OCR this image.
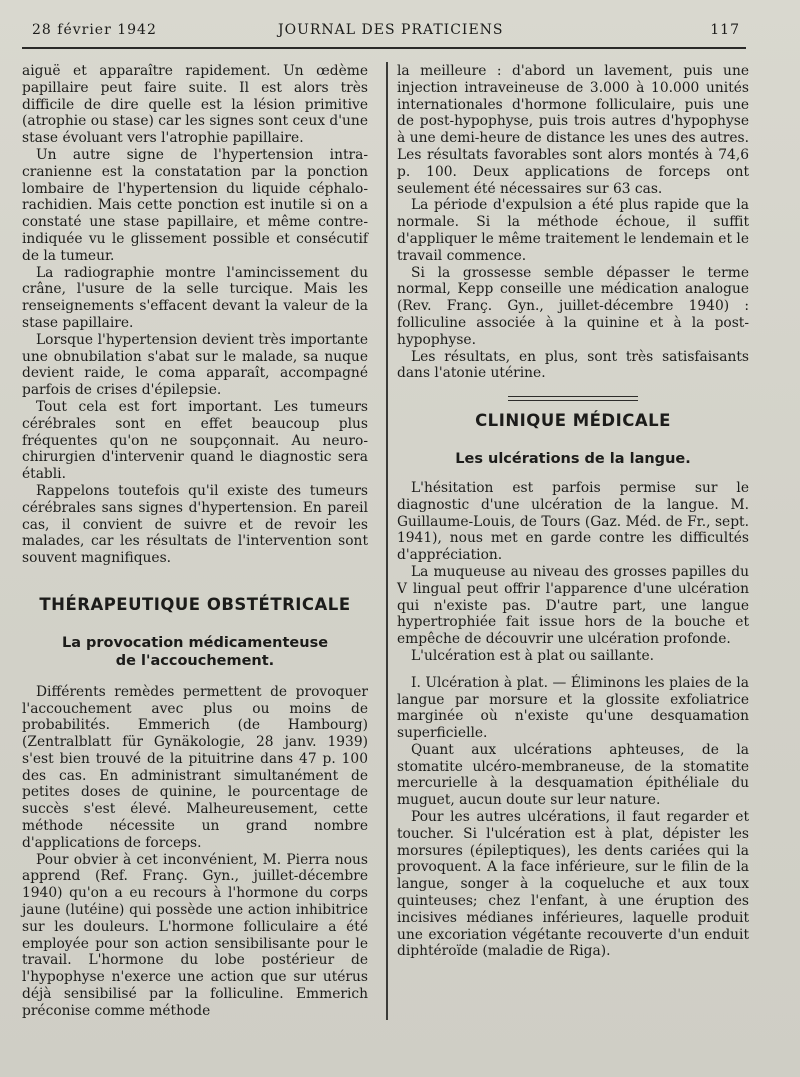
28 février 1942	JOURNAL DES PRATICIENS	117

aiguë et apparaître rapidement. Un œdème papillaire peut faire suite. Il est alors très difficile de dire quelle est la lésion primitive (atrophie ou stase) car les signes sont ceux d'une stase évoluant vers l'atrophie papillaire.

Un autre signe de l'hypertension intra-cranienne est la constatation par la ponction lombaire de l'hypertension du liquide céphalo-rachidien. Mais cette ponction est inutile si on a constaté une stase papillaire, et même contre-indiquée vu le glissement possible et consécutif de la tumeur.

La radiographie montre l'amincissement du crâne, l'usure de la selle turcique. Mais les renseignements s'effacent devant la valeur de la stase papillaire.

Lorsque l'hypertension devient très importante une obnubilation s'abat sur le malade, sa nuque devient raide, le coma apparaît, accompagné parfois de crises d'épilepsie.

Tout cela est fort important. Les tumeurs cérébrales sont en effet beaucoup plus fréquentes qu'on ne soupçonnait. Au neuro-chirurgien d'intervenir quand le diagnostic sera établi.

Rappelons toutefois qu'il existe des tumeurs cérébrales sans signes d'hypertension. En pareil cas, il convient de suivre et de revoir les malades, car les résultats de l'intervention sont souvent magnifiques.

THÉRAPEUTIQUE OBSTÉTRICALE
La provocation médicamenteuse
de l'accouchement.

Différents remèdes permettent de provoquer l'accouchement avec plus ou moins de probabilités. Emmerich (de Hambourg) (Zentralblatt für Gynäkologie, 28 janv. 1939) s'est bien trouvé de la pituitrine dans 47 p. 100 des cas. En administrant simultanément de petites doses de quinine, le pourcentage de succès s'est élevé. Malheureusement, cette méthode nécessite un grand nombre d'applications de forceps.

Pour obvier à cet inconvénient, M. Pierra nous apprend (Ref. Franç. Gyn., juillet-décembre 1940) qu'on a eu recours à l'hormone du corps jaune (lutéine) qui possède une action inhibitrice sur les douleurs. L'hormone folliculaire a été employée pour son action sensibilisante pour le travail. L'hormone du lobe postérieur de l'hypophyse n'exerce une action que sur utérus déjà sensibilisé par la folliculine. Emmerich préconise comme méthode

la meilleure : d'abord un lavement, puis une injection intraveineuse de 3.000 à 10.000 unités internationales d'hormone folliculaire, puis une de post-hypophyse, puis trois autres d'hypophyse à une demi-heure de distance les unes des autres. Les résultats favorables sont alors montés à 74,6 p. 100. Deux applications de forceps ont seulement été nécessaires sur 63 cas.

La période d'expulsion a été plus rapide que la normale. Si la méthode échoue, il suffit d'appliquer le même traitement le lendemain et le travail commence.

Si la grossesse semble dépasser le terme normal, Kepp conseille une médication analogue (Rev. Franç. Gyn., juillet-décembre 1940) : folliculine associée à la quinine et à la post-hypophyse.

Les résultats, en plus, sont très satisfaisants dans l'atonie utérine.

CLINIQUE MÉDICALE
Les ulcérations de la langue.

L'hésitation est parfois permise sur le diagnostic d'une ulcération de la langue. M. Guillaume-Louis, de Tours (Gaz. Méd. de Fr., sept. 1941), nous met en garde contre les difficultés d'appréciation.

La muqueuse au niveau des grosses papilles du V lingual peut offrir l'apparence d'une ulcération qui n'existe pas. D'autre part, une langue hypertrophiée fait issue hors de la bouche et empêche de découvrir une ulcération profonde.

L'ulcération est à plat ou saillante.

I. Ulcération à plat. — Éliminons les plaies de la langue par morsure et la glossite exfoliatrice marginée où n'existe qu'une desquamation superficielle.

Quant aux ulcérations aphteuses, de la stomatite ulcéro-membraneuse, de la stomatite mercurielle à la desquamation épithéliale du muguet, aucun doute sur leur nature.

Pour les autres ulcérations, il faut regarder et toucher. Si l'ulcération est à plat, dépister les morsures (épileptiques), les dents cariées qui la provoquent. A la face inférieure, sur le filin de la langue, songer à la coqueluche et aux toux quinteuses; chez l'enfant, à une éruption des incisives médianes inférieures, laquelle produit une excoriation végétante recouverte d'un enduit diphtéroïde (maladie de Riga).
